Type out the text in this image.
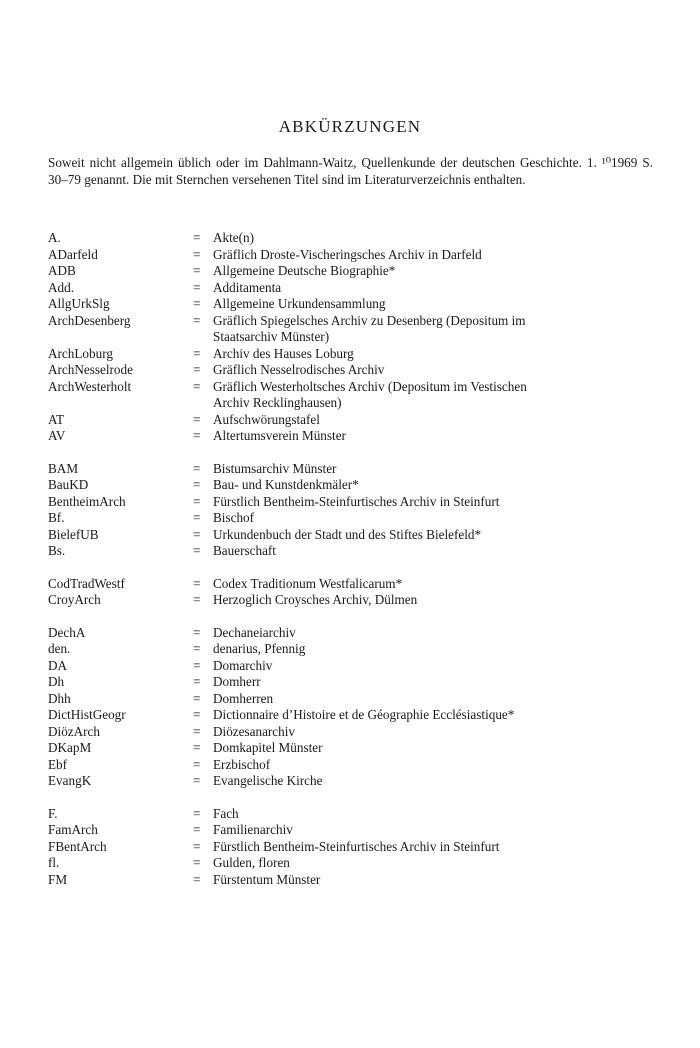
ABKÜRZUNGEN

Soweit nicht allgemein üblich oder im Dahlmann-Waitz, Quellenkunde der deutschen Geschichte. 1. ¹⁰1969 S. 30–79 genannt. Die mit Sternchen versehenen Titel sind im Literaturverzeichnis enthalten.

A.	= Akte(n)
ADarfeld	= Gräflich Droste-Vischeringsches Archiv in Darfeld
ADB	= Allgemeine Deutsche Biographie*
Add.	= Additamenta
AllgUrkSlg	= Allgemeine Urkundensammlung
ArchDesenberg	= Gräflich Spiegelsches Archiv zu Desenberg (Depositum im Staatsarchiv Münster)
ArchLoburg	= Archiv des Hauses Loburg
ArchNesselrode	= Gräflich Nesselrodisches Archiv
ArchWesterholt	= Gräflich Westerholtsches Archiv (Depositum im Vestischen Archiv Recklinghausen)
AT	= Aufschwörungstafel
AV	= Altertumsverein Münster
BAM	= Bistumsarchiv Münster
BauKD	= Bau- und Kunstdenkmäler*
BentheimArch	= Fürstlich Bentheim-Steinfurtisches Archiv in Steinfurt
Bf.	= Bischof
BielefUB	= Urkundenbuch der Stadt und des Stiftes Bielefeld*
Bs.	= Bauerschaft
CodTradWestf	= Codex Traditionum Westfalicarum*
CroyArch	= Herzoglich Croysches Archiv, Dülmen
DechA	= Dechaneiarchiv
den.	= denarius, Pfennig
DA	= Domarchiv
Dh	= Domherr
Dhh	= Domherren
DictHistGeogr	= Dictionnaire d’Histoire et de Géographie Ecclésiastique*
DiözArch	= Diözesanarchiv
DKapM	= Domkapitel Münster
Ebf	= Erzbischof
EvangK	= Evangelische Kirche
F.	= Fach
FamArch	= Familienarchiv
FBentArch	= Fürstlich Bentheim-Steinfurtisches Archiv in Steinfurt
fl.	= Gulden, floren
FM	= Fürstentum Münster
